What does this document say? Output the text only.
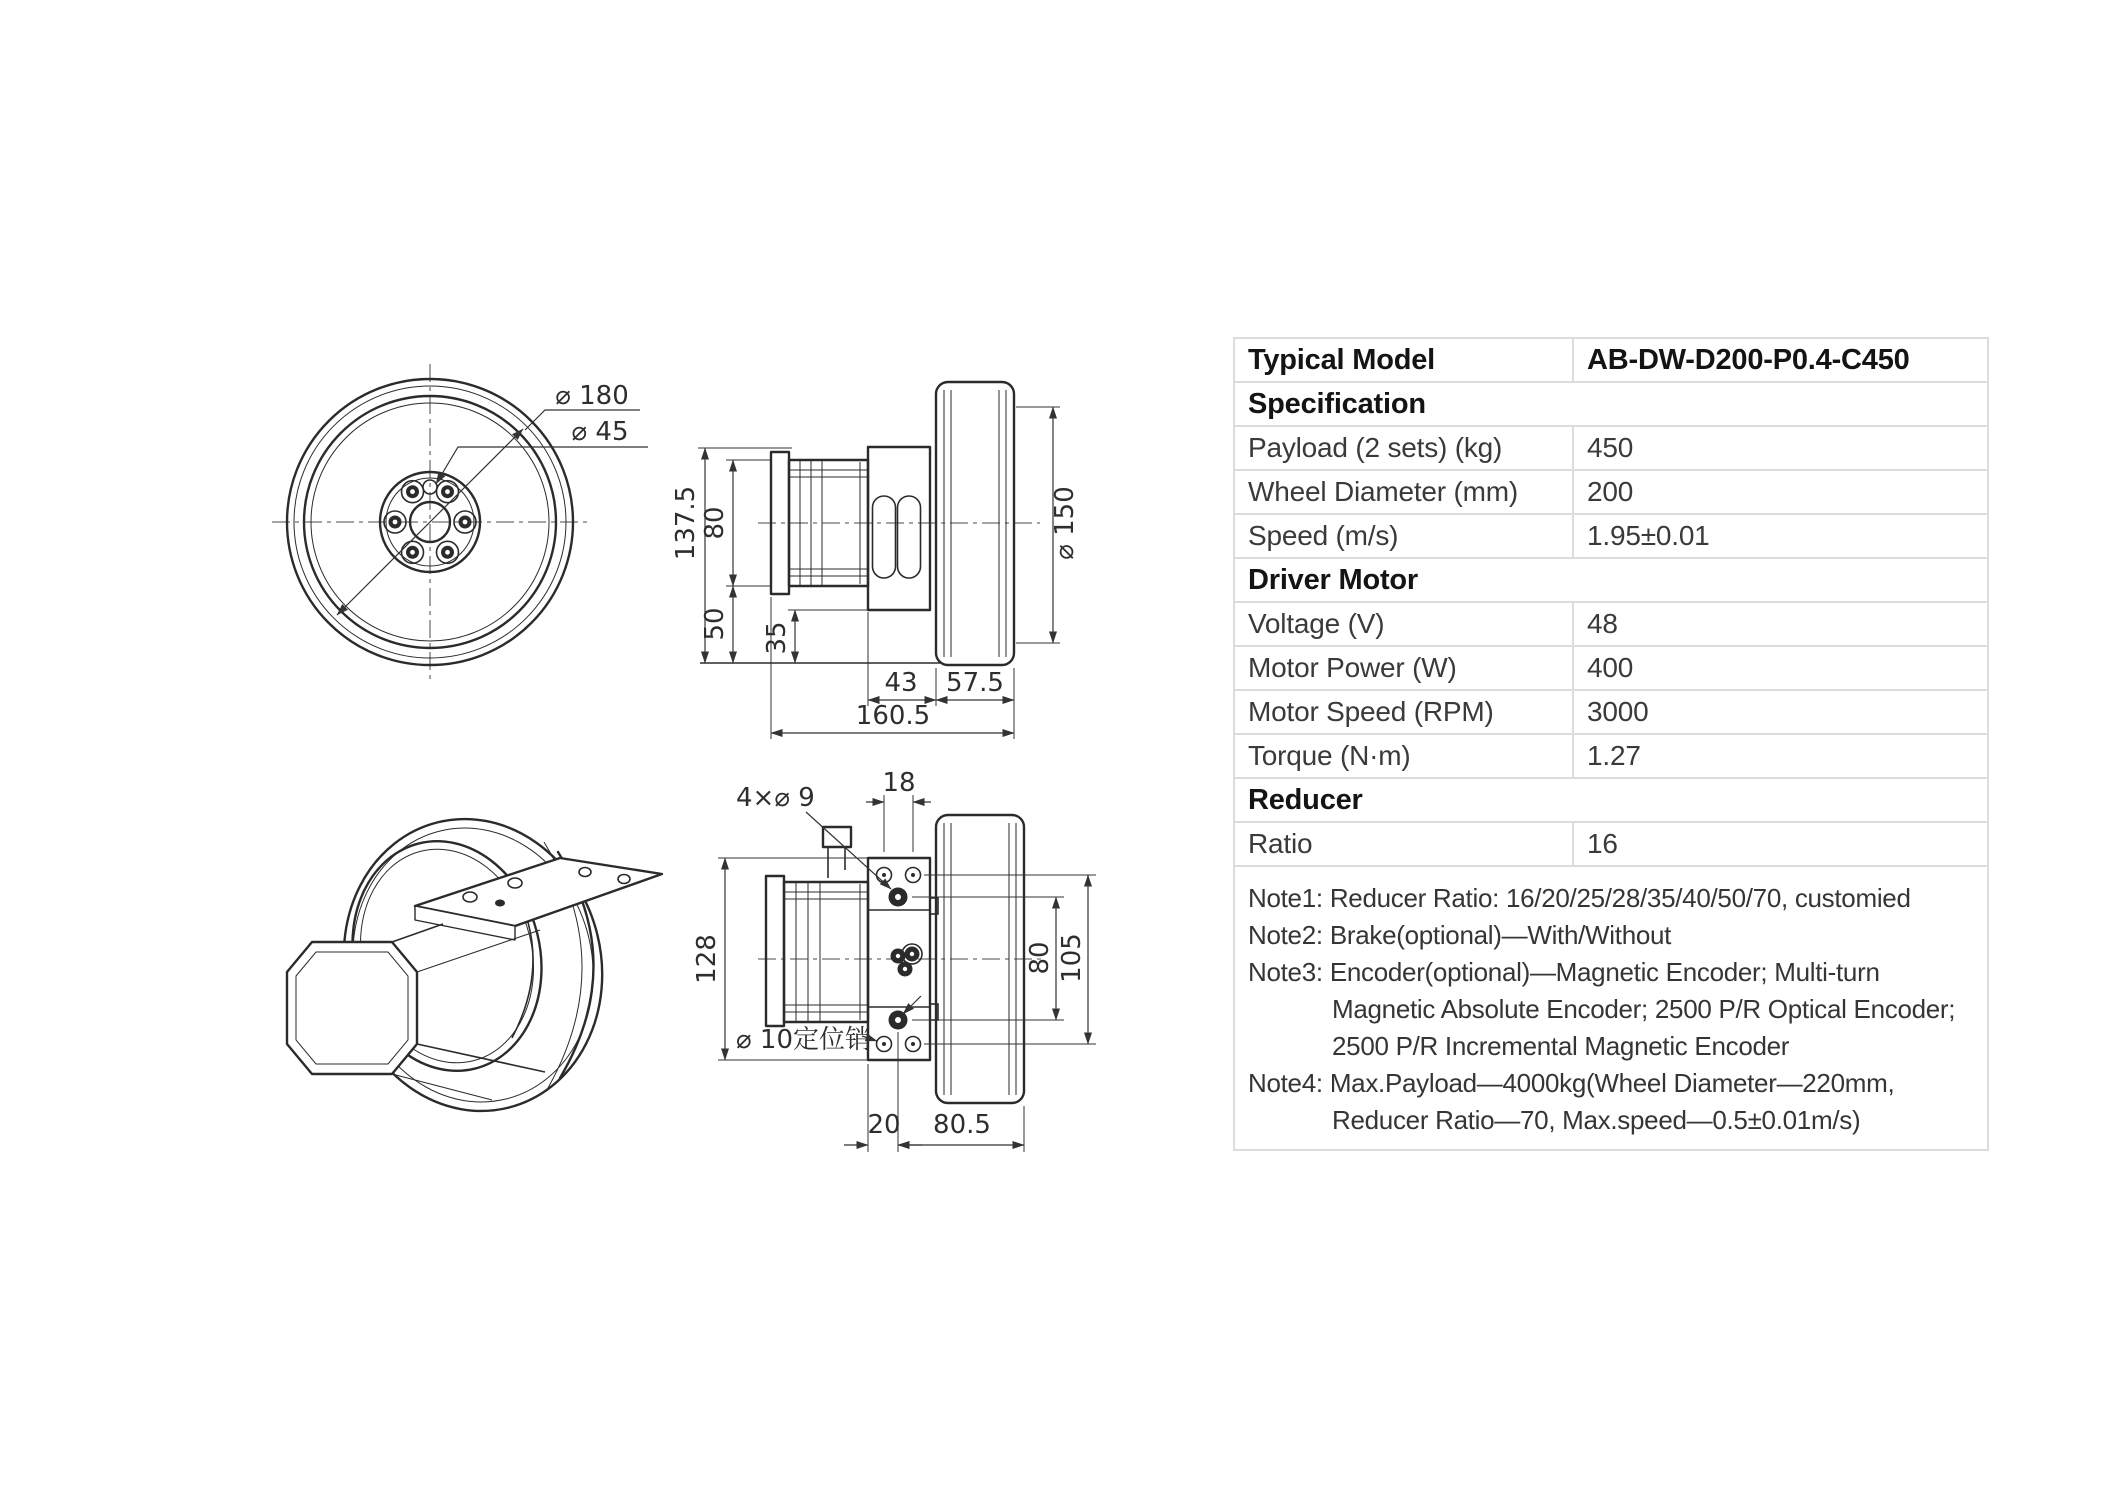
⌀ 180
⌀ 45
137.5 80
50 35
⌀ 150
43 57.5
160.5
4×⌀ 9	18
128	80 105
⌀ 10定位销
20 80.5
Typical Model	AB-DW-D200-P0.4-C450
Specification	
Payload (2 sets) (kg)	450
Wheel Diameter (mm)	200
Speed (m/s)	1.95±0.01
Driver Motor	
Voltage (V)	48
Motor Power (W)	400
Motor Speed (RPM)	3000
Torque (N·m)	1.27
Reducer	
Ratio	16

Note1: Reducer Ratio: 16/20/25/28/35/40/50/70, customied
Note2: Brake(optional)—With/Without
Note3: Encoder(optional)—Magnetic Encoder; Multi-turn
Magnetic Absolute Encoder; 2500 P/R Optical Encoder;
2500 P/R Incremental Magnetic Encoder
Note4: Max.Payload—4000kg(Wheel Diameter—220mm,
Reducer Ratio—70, Max.speed—0.5±0.01m/s)
